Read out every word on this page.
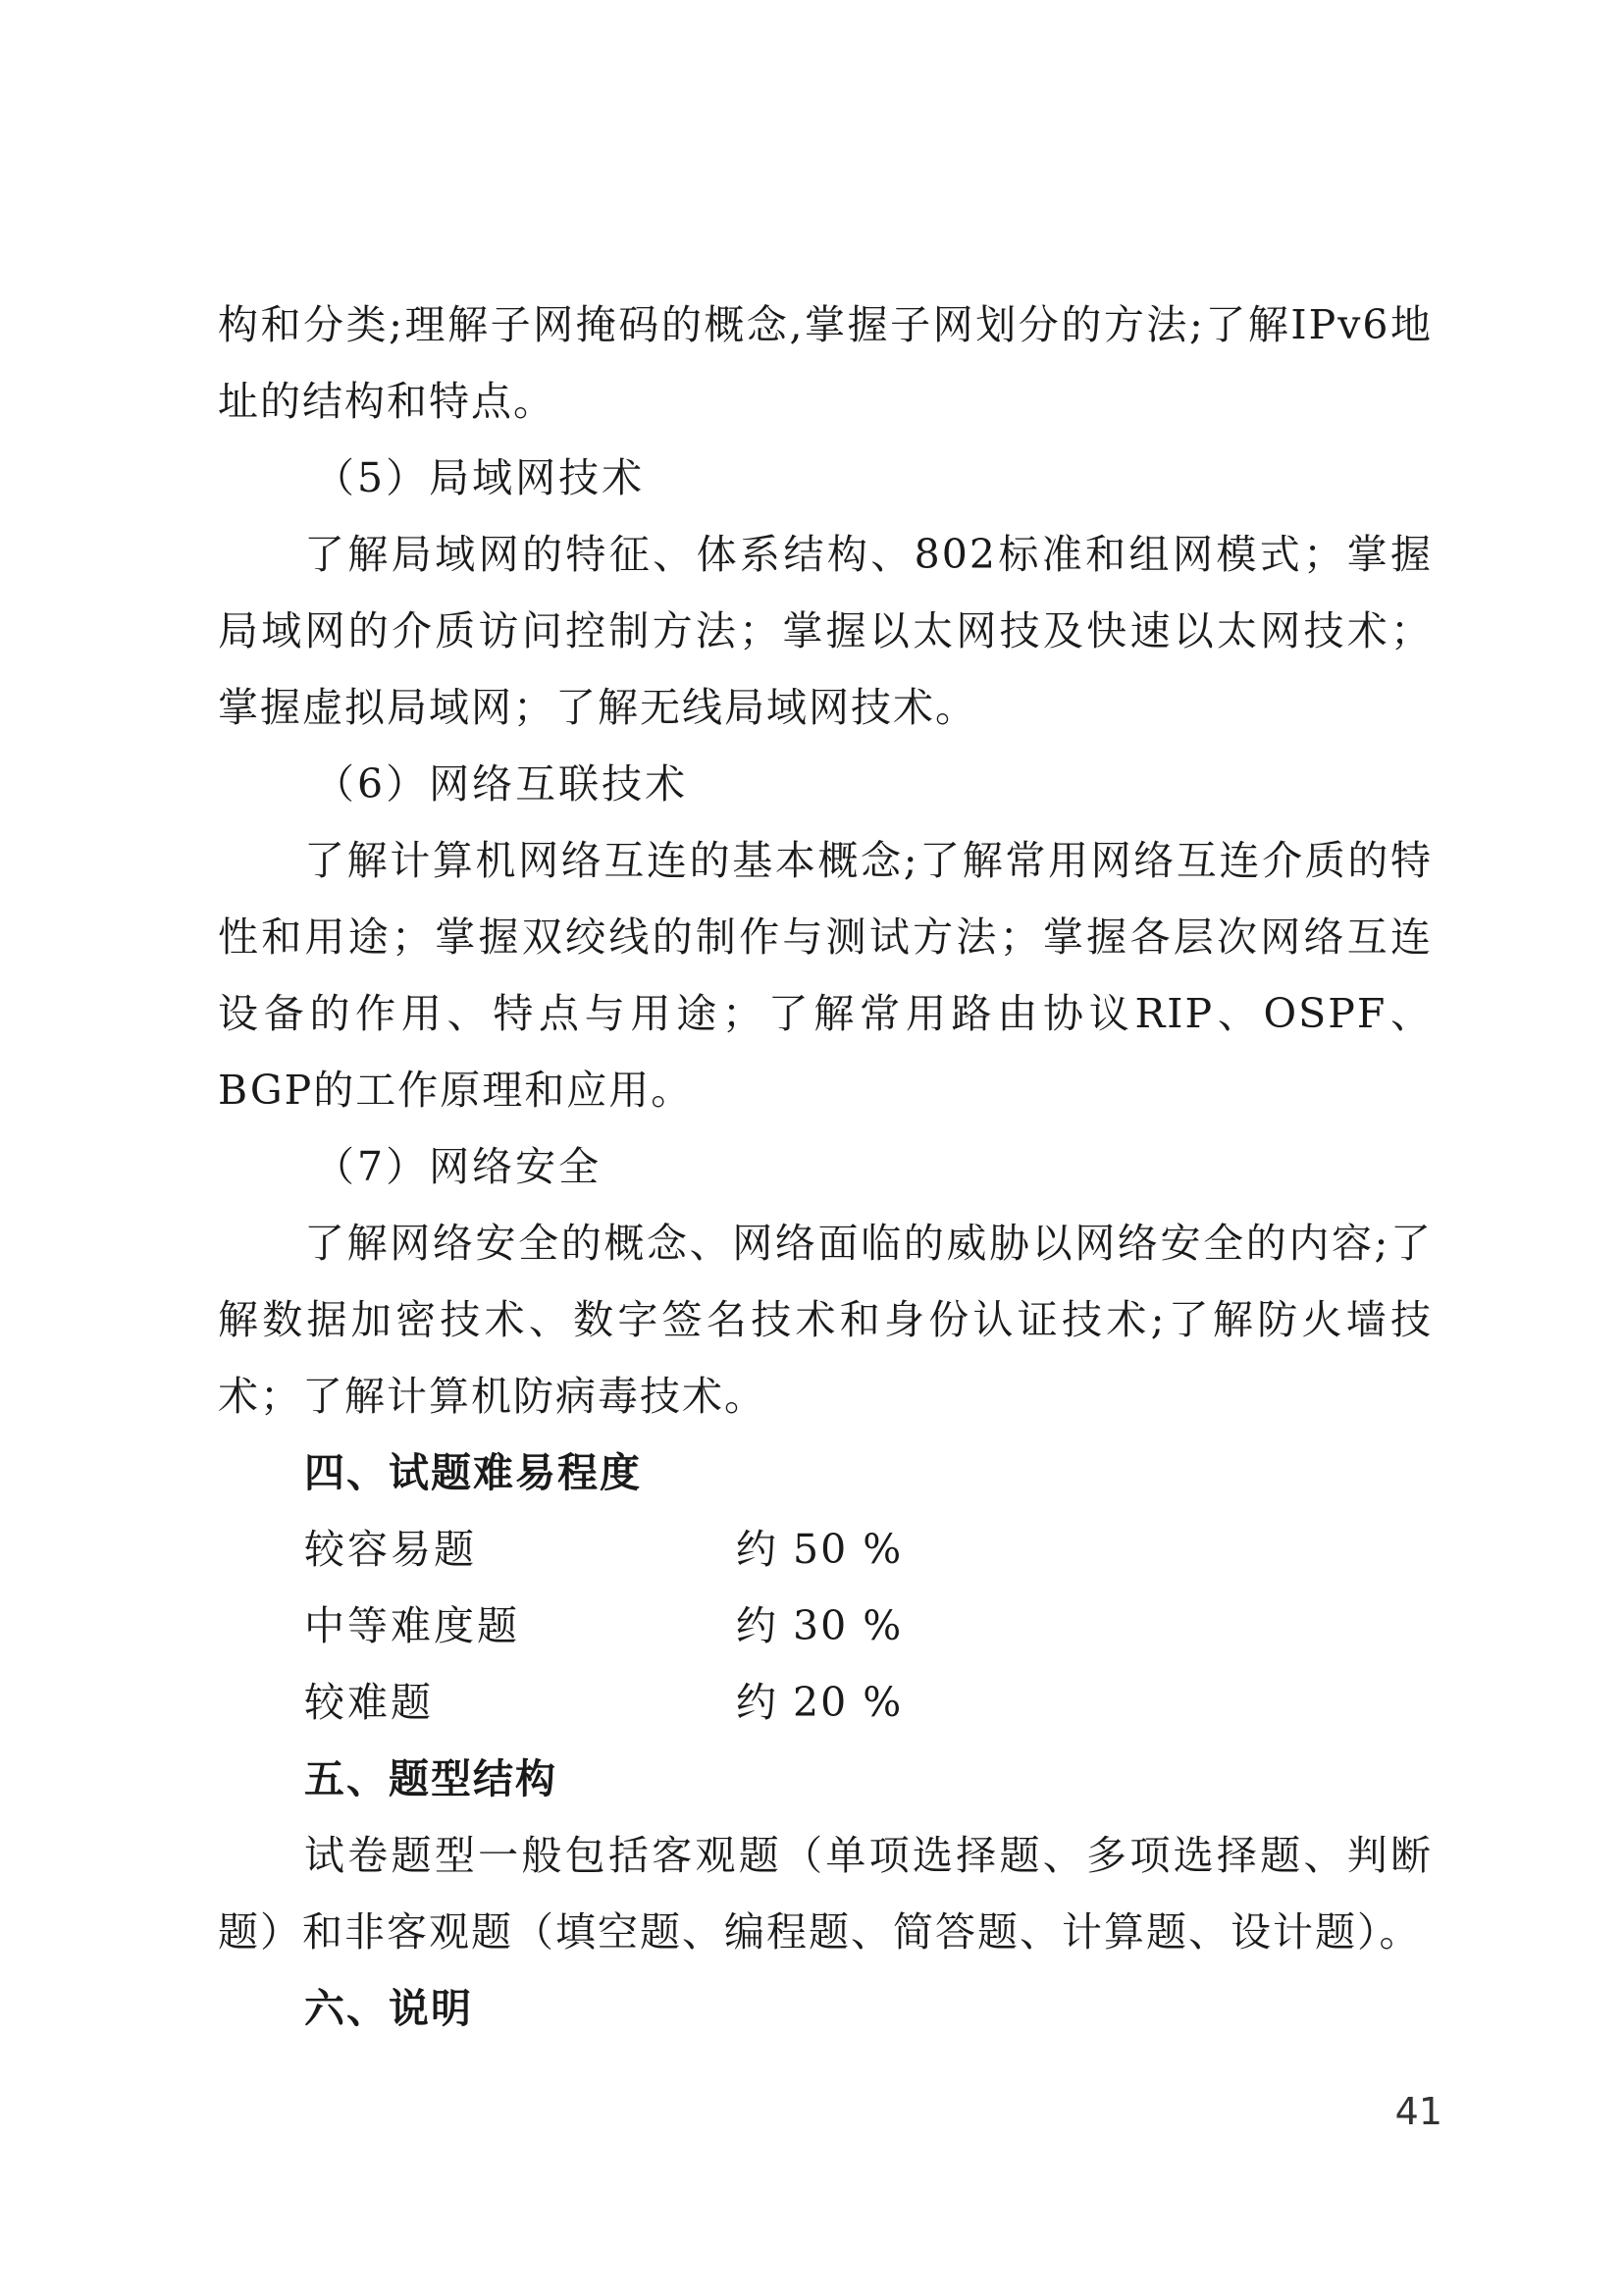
构和分类;理解子网掩码的概念,掌握子网划分的方法;了解IPv6地址的结构和特点。

（5）局域网技术

了解局域网的特征、体系结构、802标准和组网模式；掌握局域网的介质访问控制方法；掌握以太网技及快速以太网技术；掌握虚拟局域网；了解无线局域网技术。

（6）网络互联技术

了解计算机网络互连的基本概念;了解常用网络互连介质的特性和用途；掌握双绞线的制作与测试方法；掌握各层次网络互连设备的作用、特点与用途；了解常用路由协议RIP、OSPF、BGP的工作原理和应用。

（7）网络安全

了解网络安全的概念、网络面临的威胁以网络安全的内容;了解数据加密技术、数字签名技术和身份认证技术;了解防火墙技术；了解计算机防病毒技术。

四、试题难易程度
较容易题	约 50 %
中等难度题	约 30 %
较难题	约 20 %
五、题型结构

试卷题型一般包括客观题（单项选择题、多项选择题、判断题）和非客观题（填空题、编程题、简答题、计算题、设计题）。

六、说明
41
